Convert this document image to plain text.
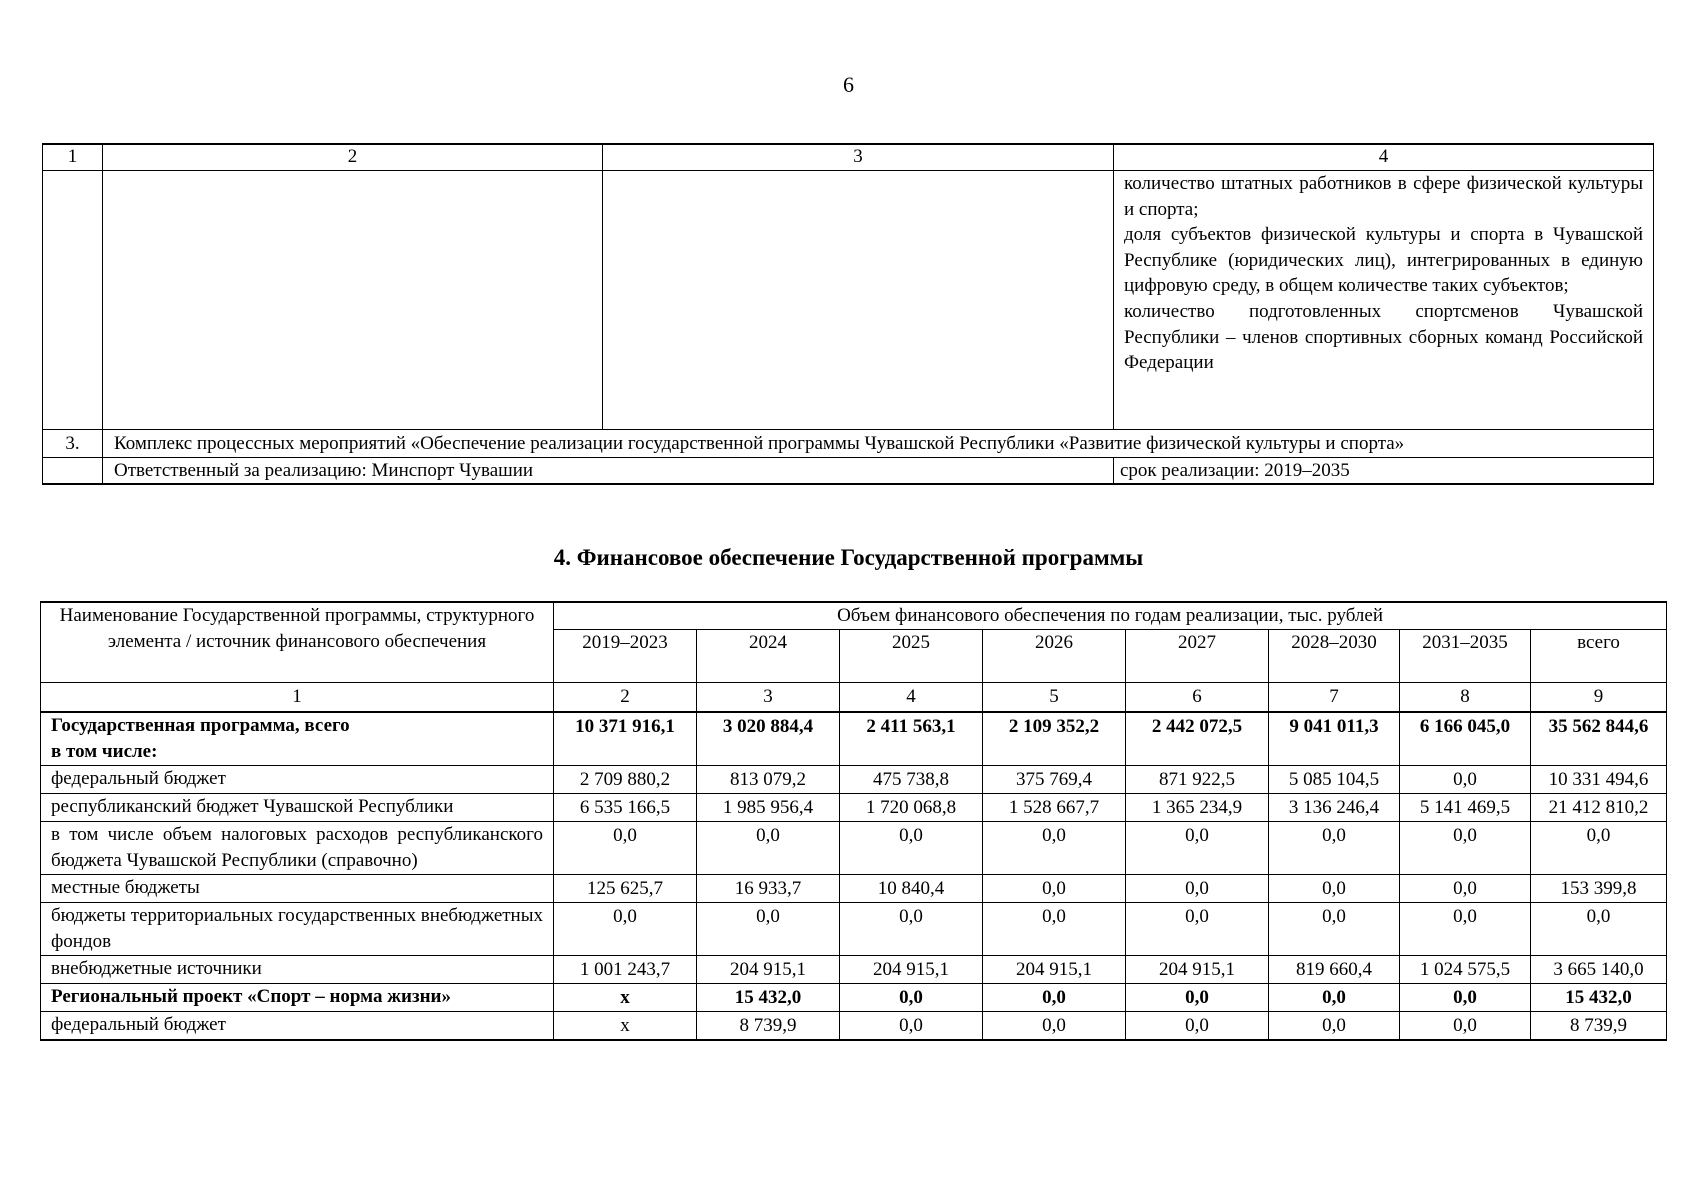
6
1	2	3	4

			количество штатных работников в сфере физической культуры и спорта;

доля субъектов физической культуры и спорта в Чувашской Республике (юридических лиц), интегрированных в единую цифровую среду, в общем количестве таких субъектов;

количество подготовленных спортсменов Чувашской Республики – членов спортивных сборных команд Российской Федерации

3.	Комплекс процессных мероприятий «Обеспечение реализации государственной программы Чувашской Республики «Развитие физической культуры и спорта»		
	Ответственный за реализацию: Минспорт Чувашии		срок реализации: 2019–2035
4. Финансовое обеспечение Государственной программы
Наименование Государственной программы, структурного элемента / источник финансового обеспечения	Объем финансового обеспечения по годам реализации, тыс. рублей							
	2019–2023	2024	2025	2026	2027	2028–2030	2031–2035	всего
1	2	3	4	5	6	7	8	9
Государственная программа, всего
в том числе:	10 371 916,1	3 020 884,4	2 411 563,1	2 109 352,2	2 442 072,5	9 041 011,3	6 166 045,0	35 562 844,6
федеральный бюджет	2 709 880,2	813 079,2	475 738,8	375 769,4	871 922,5	5 085 104,5	0,0	10 331 494,6
республиканский бюджет Чувашской Республики	6 535 166,5	1 985 956,4	1 720 068,8	1 528 667,7	1 365 234,9	3 136 246,4	5 141 469,5	21 412 810,2
в том числе объем налоговых расходов республиканского бюджета Чувашской Республики (справочно)	0,0	0,0	0,0	0,0	0,0	0,0	0,0	0,0
местные бюджеты	125 625,7	16 933,7	10 840,4	0,0	0,0	0,0	0,0	153 399,8
бюджеты территориальных государственных внебюджетных фондов	0,0	0,0	0,0	0,0	0,0	0,0	0,0	0,0
внебюджетные источники	1 001 243,7	204 915,1	204 915,1	204 915,1	204 915,1	819 660,4	1 024 575,5	3 665 140,0
Региональный проект «Спорт – норма жизни»	х	15 432,0	0,0	0,0	0,0	0,0	0,0	15 432,0
федеральный бюджет	х	8 739,9	0,0	0,0	0,0	0,0	0,0	8 739,9
